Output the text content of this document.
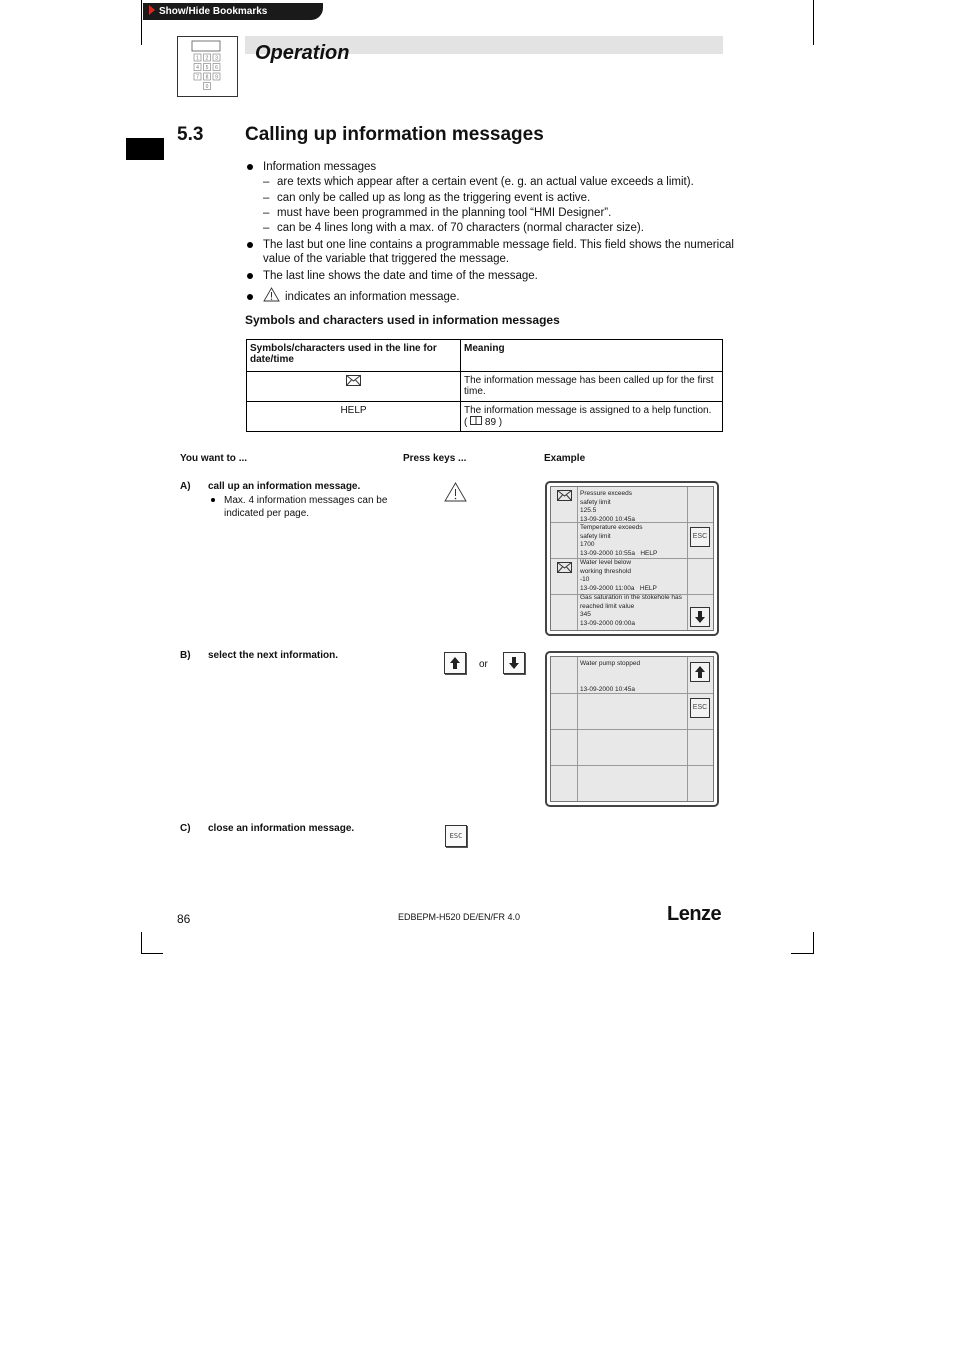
Show/Hide Bookmarks
1 2 3
4 5 6
7 8 9
0
Operation
5.3 Calling up information messages
Information messages
– are texts which appear after a certain event (e. g. an actual value exceeds a limit).
– can only be called up as long as the triggering event is active.
– must have been programmed in the planning tool “HMI Designer”.
– can be 4 lines long with a max. of 70 characters (normal character size).
The last but one line contains a programmable message field. This field shows the numerical
value of the variable that triggered the message.
The last line shows the date and time of the message.
indicates an information message.
Symbols and characters used in information messages
Symbols/characters used in the line for date/time	Meaning
	The information message has been called up for the first time.
HELP	The information message is assigned to a help function.
(  89 )
You want to ...	Press keys ...	Example
A) call up an information message.
Max. 4 information messages can be
indicated per page.
Pressure exceeds
safety limit
125.5
13-09-2000 10:45a
Temperature exceeds
safety limit
1700
13-09-2000 10:55a HELP
Water level below
working threshold
-10
13-09-2000 11:00a HELP
Gas saturation in the stokehole has
reached limit value
345
13-09-2000 09:00a
ESC
B) select the next information.
or	Water pump stopped
13-09-2000 10:45a
ESC
C) close an information message.
ESC
86	EDBEPM-H520 DE/EN/FR 4.0	Lenze
